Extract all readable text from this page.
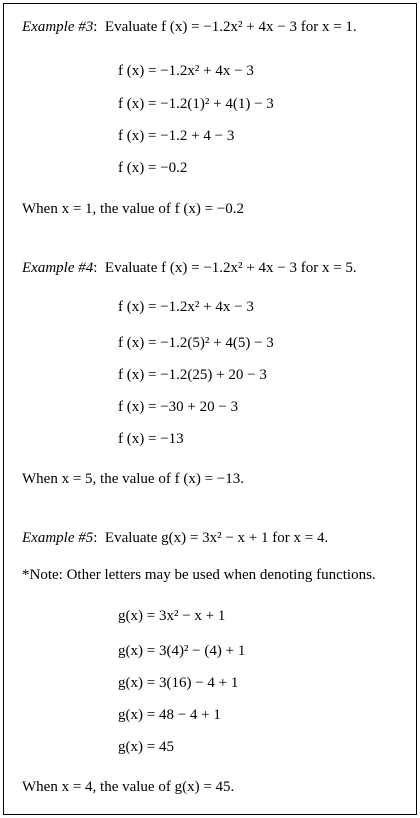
Example #3:  Evaluate f (x) = −1.2x² + 4x − 3 for x = 1.
f (x) = −1.2x² + 4x − 3
f (x) = −1.2(1)² + 4(1) − 3
f (x) = −1.2 + 4 − 3
f (x) = −0.2
When x = 1, the value of f (x) = −0.2
Example #4:  Evaluate f (x) = −1.2x² + 4x − 3 for x = 5.
f (x) = −1.2x² + 4x − 3
f (x) = −1.2(5)² + 4(5) − 3
f (x) = −1.2(25) + 20 − 3
f (x) = −30 + 20 − 3
f (x) = −13
When x = 5, the value of f (x) = −13.
Example #5:  Evaluate g(x) = 3x² − x + 1 for x = 4.
*Note: Other letters may be used when denoting functions.
g(x) = 3x² − x + 1
g(x) = 3(4)² − (4) + 1
g(x) = 3(16) − 4 + 1
g(x) = 48 − 4 + 1
g(x) = 45
When x = 4, the value of g(x) = 45.
